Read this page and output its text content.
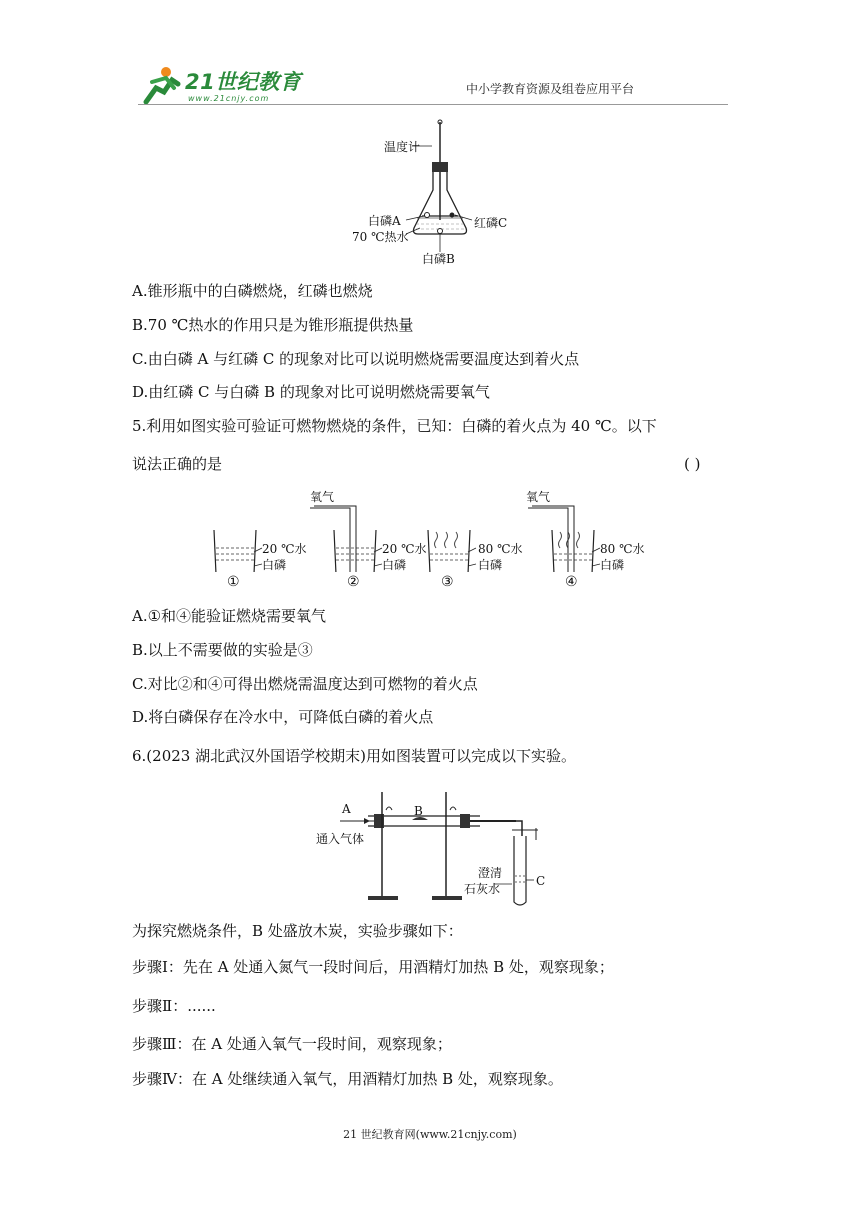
21世纪教育
www.21cnjy.com
中小学教育资源及组卷应用平台
温度计
白磷A	红磷C
70 ℃热水
白磷B
A.锥形瓶中的白磷燃烧，红磷也燃烧
B.70 ℃热水的作用只是为锥形瓶提供热量
C.由白磷 A 与红磷 C 的现象对比可以说明燃烧需要温度达到着火点
D.由红磷 C 与白磷 B 的现象对比可说明燃烧需要氧气
5.利用如图实验可验证可燃物燃烧的条件，已知：白磷的着火点为 40 ℃。以下
说法正确的是	( )
氧气	氧气
20 ℃水
白磷
20 ℃水
白磷
80 ℃水
白磷
80 ℃水
白磷
①	②	③	④
A.①和④能验证燃烧需要氧气
B.以上不需要做的实验是③
C.对比②和④可得出燃烧需温度达到可燃物的着火点
D.将白磷保存在冷水中，可降低白磷的着火点
6.(2023 湖北武汉外国语学校期末)用如图装置可以完成以下实验。
A	B
通入气体
澄清
石灰水
C
为探究燃烧条件，B 处盛放木炭，实验步骤如下：
步骤Ⅰ：先在 A 处通入氮气一段时间后，用酒精灯加热 B 处，观察现象；
步骤Ⅱ：......
步骤Ⅲ：在 A 处通入氧气一段时间，观察现象；
步骤Ⅳ：在 A 处继续通入氧气，用酒精灯加热 B 处，观察现象。
21 世纪教育网(www.21cnjy.com)
